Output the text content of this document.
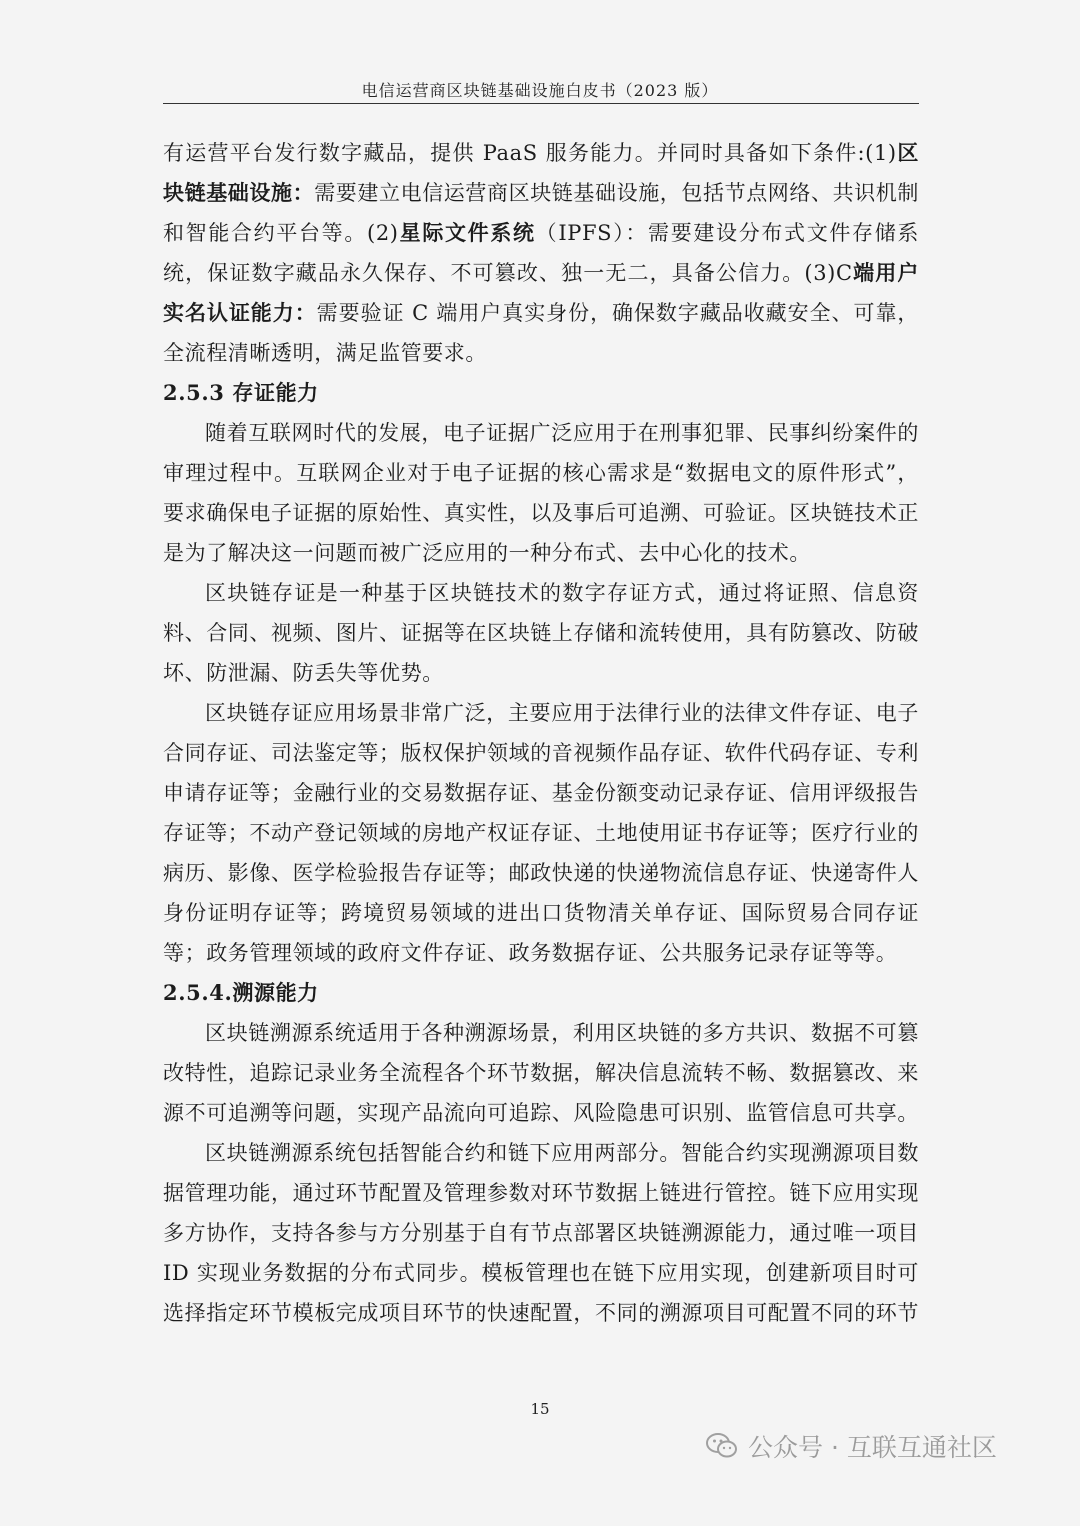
电信运营商区块链基础设施白皮书（2023 版）

有运营平台发行数字藏品，提供 PaaS 服务能力。并同时具备如下条件:(1)区块链基础设施：需要建立电信运营商区块链基础设施，包括节点网络、共识机制和智能合约平台等。(2)星际文件系统（IPFS）：需要建设分布式文件存储系统，保证数字藏品永久保存、不可篡改、独一无二，具备公信力。(3)C端用户实名认证能力：需要验证 C 端用户真实身份，确保数字藏品收藏安全、可靠，全流程清晰透明，满足监管要求。

2.5.3 存证能力

随着互联网时代的发展，电子证据广泛应用于在刑事犯罪、民事纠纷案件的审理过程中。互联网企业对于电子证据的核心需求是“数据电文的原件形式”，要求确保电子证据的原始性、真实性，以及事后可追溯、可验证。区块链技术正是为了解决这一问题而被广泛应用的一种分布式、去中心化的技术。

区块链存证是一种基于区块链技术的数字存证方式，通过将证照、信息资料、合同、视频、图片、证据等在区块链上存储和流转使用，具有防篡改、防破坏、防泄漏、防丢失等优势。

区块链存证应用场景非常广泛，主要应用于法律行业的法律文件存证、电子合同存证、司法鉴定等；版权保护领域的音视频作品存证、软件代码存证、专利申请存证等；金融行业的交易数据存证、基金份额变动记录存证、信用评级报告存证等；不动产登记领域的房地产权证存证、土地使用证书存证等；医疗行业的病历、影像、医学检验报告存证等；邮政快递的快递物流信息存证、快递寄件人身份证明存证等；跨境贸易领域的进出口货物清关单存证、国际贸易合同存证等；政务管理领域的政府文件存证、政务数据存证、公共服务记录存证等等。

2.5.4.溯源能力

区块链溯源系统适用于各种溯源场景，利用区块链的多方共识、数据不可篡改特性，追踪记录业务全流程各个环节数据，解决信息流转不畅、数据篡改、来源不可追溯等问题，实现产品流向可追踪、风险隐患可识别、监管信息可共享。

区块链溯源系统包括智能合约和链下应用两部分。智能合约实现溯源项目数据管理功能，通过环节配置及管理参数对环节数据上链进行管控。链下应用实现多方协作，支持各参与方分别基于自有节点部署区块链溯源能力，通过唯一项目 ID 实现业务数据的分布式同步。模板管理也在链下应用实现，创建新项目时可选择指定环节模板完成项目环节的快速配置，不同的溯源项目可配置不同的环节

15
公众号 · 互联互通社区
